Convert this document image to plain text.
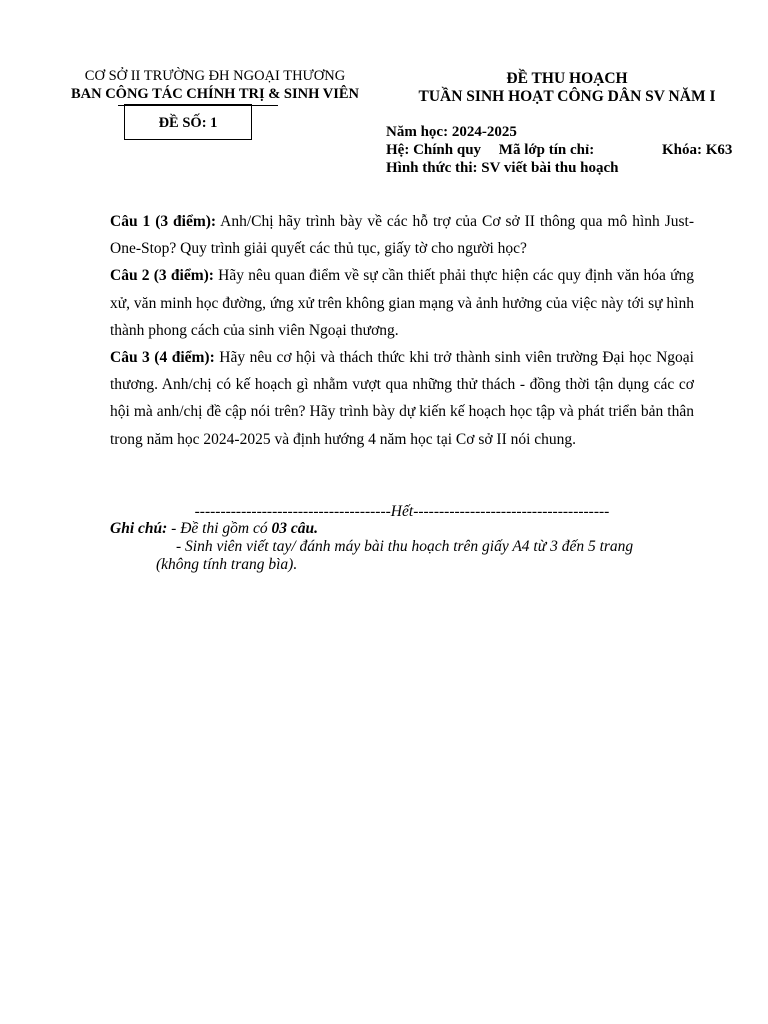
CƠ SỞ II TRƯỜNG ĐH NGOẠI THƯƠNG
BAN CÔNG TÁC CHÍNH TRỊ & SINH VIÊN
ĐỀ SỐ: 1
ĐỀ THU HOẠCH
TUẦN SINH HOẠT CÔNG DÂN SV NĂM I
Năm học: 2024-2025
Hệ: Chính quy Mã lớp tín chỉ:	Khóa: K63
Hình thức thi: SV viết bài thu hoạch

Câu 1 (3 điểm): Anh/Chị hãy trình bày về các hỗ trợ của Cơ sở II thông qua mô hình Just-One-Stop? Quy trình giải quyết các thủ tục, giấy tờ cho người học?

Câu 2 (3 điểm): Hãy nêu quan điểm về sự cần thiết phải thực hiện các quy định văn hóa ứng xử, văn minh học đường, ứng xử trên không gian mạng và ảnh hưởng của việc này tới sự hình thành phong cách của sinh viên Ngoại thương.

Câu 3 (4 điểm): Hãy nêu cơ hội và thách thức khi trở thành sinh viên trường Đại học Ngoại thương. Anh/chị có kế hoạch gì nhằm vượt qua những thử thách - đồng thời tận dụng các cơ hội mà anh/chị đề cập nói trên? Hãy trình bày dự kiến kế hoạch học tập và phát triển bản thân trong năm học 2024-2025 và định hướng 4 năm học tại Cơ sở II nói chung.

--------------------------------------Hết--------------------------------------

Ghi chú: - Đề thi gồm có 03 câu.

- Sinh viên viết tay/ đánh máy bài thu hoạch trên giấy A4 từ 3 đến 5 trang

(không tính trang bìa).
